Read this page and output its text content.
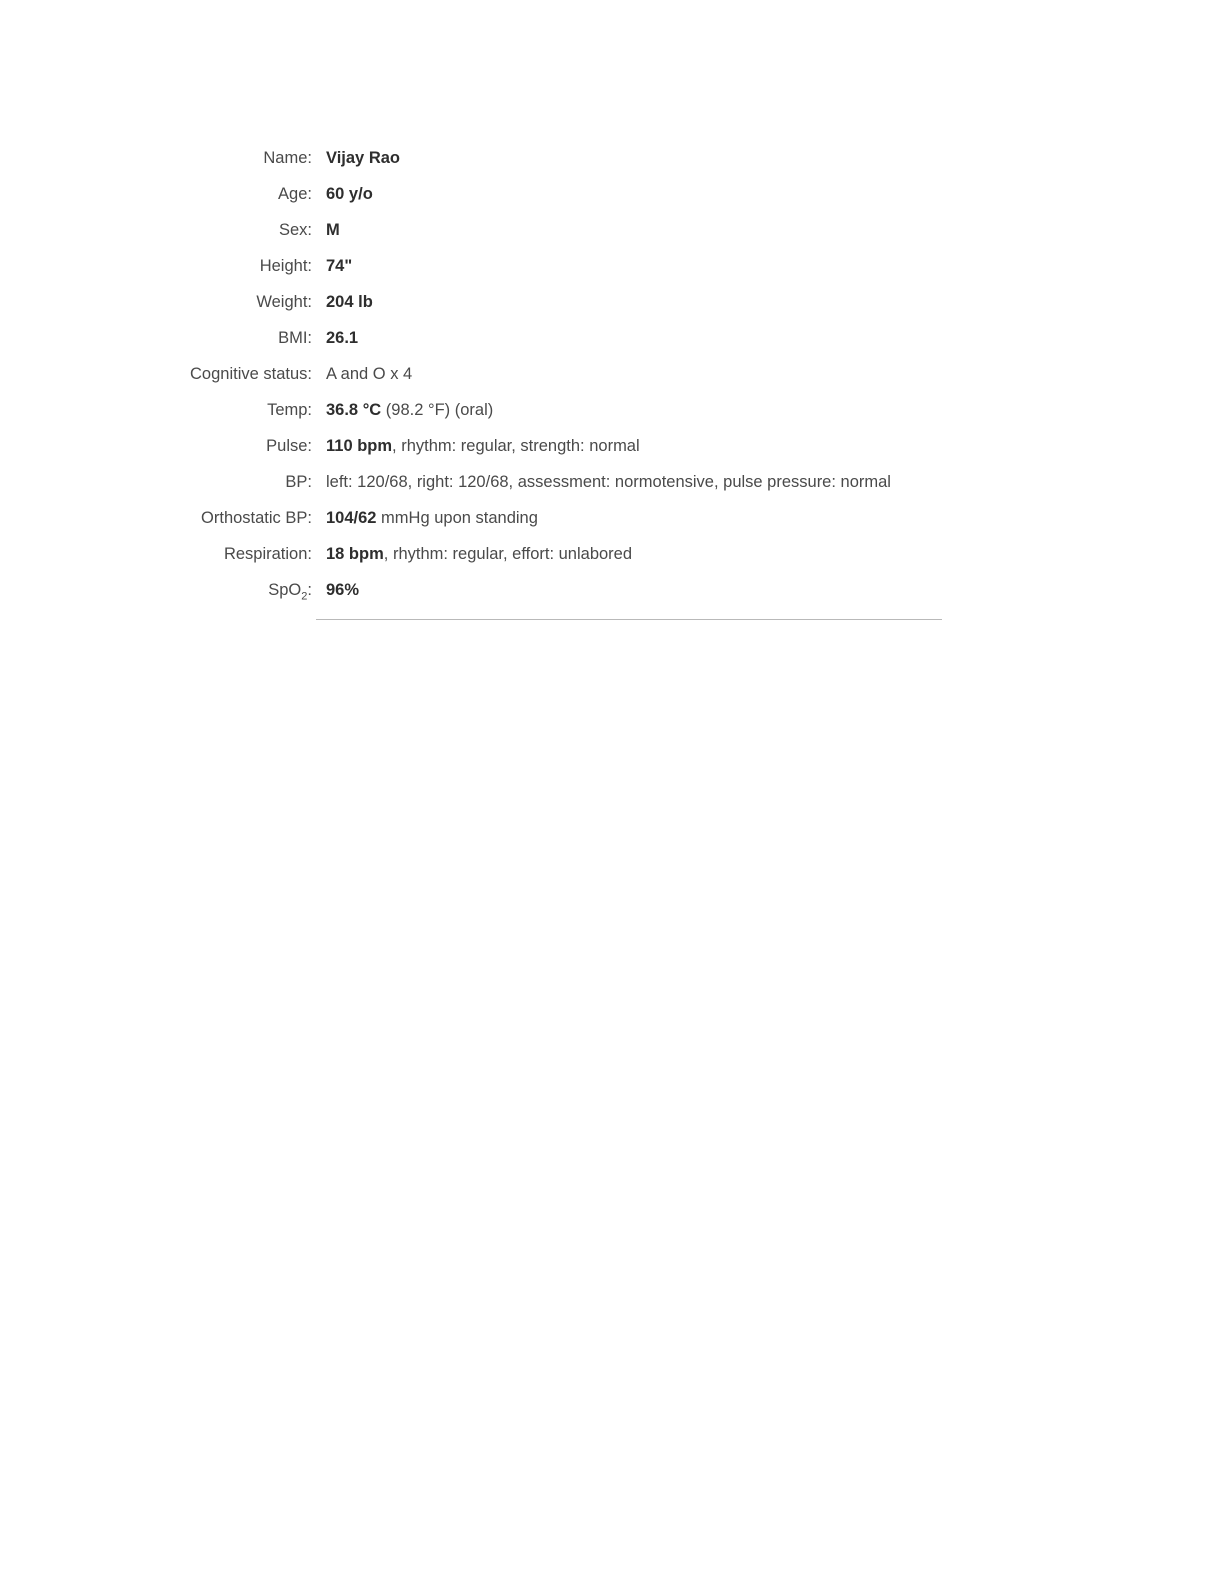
Name:	Vijay Rao
Age:	60 y/o
Sex:	M
Height:	74"
Weight:	204 lb
BMI:	26.1
Cognitive status:	A and O x 4
Temp:	36.8 °C (98.2 °F) (oral)
Pulse:	110 bpm, rhythm: regular, strength: normal
BP:	left: 120/68, right: 120/68, assessment: normotensive, pulse pressure: normal
Orthostatic BP:	104/62 mmHg upon standing
Respiration:	18 bpm, rhythm: regular, effort: unlabored
SpO$_2$:	96%
